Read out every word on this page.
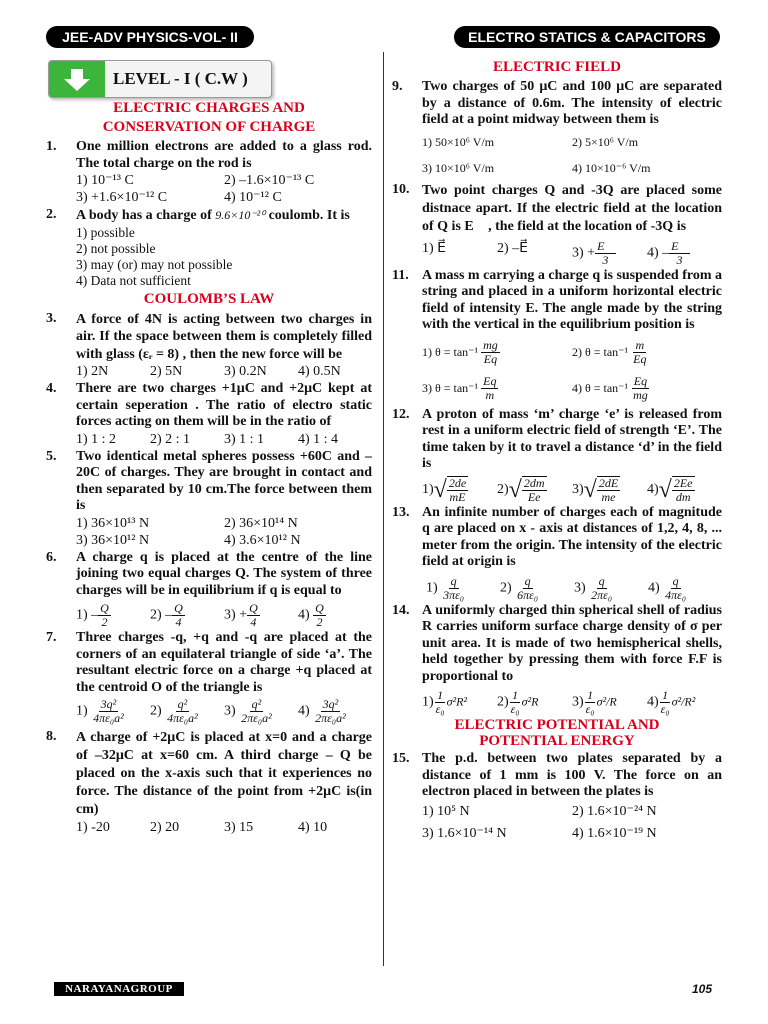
JEE-ADV PHYSICS-VOL- II	ELECTRO STATICS & CAPACITORS
LEVEL - I ( C.W )
ELECTRIC CHARGES AND
CONSERVATION OF CHARGE
1.	One million electrons are added to a glass rod. The total charge on the rod is
1) 10⁻¹³ C	2) –1.6×10⁻¹³ C
3) +1.6×10⁻¹² C	4) 10⁻¹² C
2.	A body has a charge of 9.6×10⁻²⁰ coulomb. It is
1) possible
2) not possible
3) may (or) may not possible
4) Data not sufficient
COULOMB’S LAW
3.	A force of 4N is acting between two charges in air. If the space between them is completely filled with glass (εᵣ = 8) , then the new force will be
1) 2N	2) 5N	3) 0.2N	4) 0.5N
4.	There are two charges +1μC and +2μC kept at certain seperation . The ratio of electro static forces acting on them will be in the ratio of
1) 1 : 2	2) 2 : 1	3) 1 : 1	4) 1 : 4
5.	Two identical metal spheres possess +60C and –20C of charges. They are brought in contact and then separated by 10 cm.The force between them is
1) 36×10¹³ N	2) 36×10¹⁴ N
3) 36×10¹² N	4) 3.6×10¹² N
6.	A charge q is placed at the centre of the line joining two equal charges Q. The system of three charges will be in equilibrium if q is equal to
$1) - \frac{Q}{2}$	$2) - \frac{Q}{4}$	$3) + \frac{Q}{4}$	$4) \frac{Q}{2}$
7.	Three charges -q, +q and -q are placed at the corners of an equilateral triangle of side ‘a’. The resultant electric force on a charge +q placed at the centroid O of the triangle is
$1) \frac{\text{3q²}}{\text{4πε₀a²}} 2) \frac{\text{q²}}{\text{4πε₀a²}} 3) \frac{\text{q²}}{\text{2πε₀a²}} 4) \frac{\text{3q²}}{\text{2πε₀a²}}$
8.	A charge of +2μC is placed at x=0 and a charge of –32μC at x=60 cm. A third charge – Q be placed on the x-axis such that it experiences no force. The distance of the point from +2μC is(in cm)
1) -20	2) 20	3) 15	4) 10
ELECTRIC FIELD
9.	Two charges of 50 μC and 100 μC are separated by a distance of 0.6m. The intensity of electric field at a point midway between them is
1) 50×10⁶ V/m	2) 5×10⁶ V/m
3) 10×10⁶ V/m	4) 10×10⁻⁶ V/m
10. Two point charges Q and -3Q are placed some distnace apart. If the electric field at the location of Q is E⃗ , the field at the location of -3Q is
1) E⃗	2) –E⃗	$3) + \frac{E⃗}{3} 4) - \frac{E⃗}{3}$
11. A mass m carrying a charge q is suspended from a string and placed in a uniform horizontal electric field of intensity E. The angle made by the string with the vertical in the equilibrium position is
1) $\theta = \tan^{-1} \frac{mg}{Eq}$	2) $\theta = \tan^{-1} \frac{m}{Eq}$
3) $\theta = \tan^{-1} \frac{Eq}{m}$	4) $\theta = \tan^{-1} \frac{Eq}{mg}$
12. A proton of mass ‘m’ charge ‘e’ is released from rest in a uniform electric field of strength ‘E’. The time taken by it to travel a distance ‘d’ in the field is
1) √ $\frac{2de}{mE} 2$) √ $\frac{2dm}{Ee} 3$) √ $\frac{2dE}{me} 4$) √ $\frac{2Ee}{dm}$
13. An infinite number of charges each of magnitude q are placed on x - axis at distances of 1,2, 4, 8, ... meter from the origin. The intensity of the electric field at origin is
$1) \frac{q}{\text{3πε₀}} 2) \frac{q}{\text{6πε₀}} 3) \frac{q}{\text{2πε₀}} 4) \frac{q}{\text{4πε₀}}$
14. A uniformly charged thin spherical shell of radius R carries uniform surface charge density of σ per unit area. It is made of two hemispherical shells, held together by pressing them with force F.F is proportional to
$1) \frac{1}{\text{ε₀}} \sigma^2R^2$	$2) \frac{1}{\text{ε₀}} \sigma^2R$	$3) \frac{1}{\text{ε₀}} \sigma^2/R$	$4) \frac{1}{\text{ε₀}} \sigma^2/R^2$
ELECTRIC POTENTIAL AND
POTENTIAL ENERGY
15. The p.d. between two plates separated by a distance of 1 mm is 100 V. The force on an electron placed in between the plates is
1) 10⁵ N	2) 1.6×10⁻²⁴ N
3) 1.6×10⁻¹⁴ N	4) 1.6×10⁻¹⁹ N
NARAYANAGROUP	105
